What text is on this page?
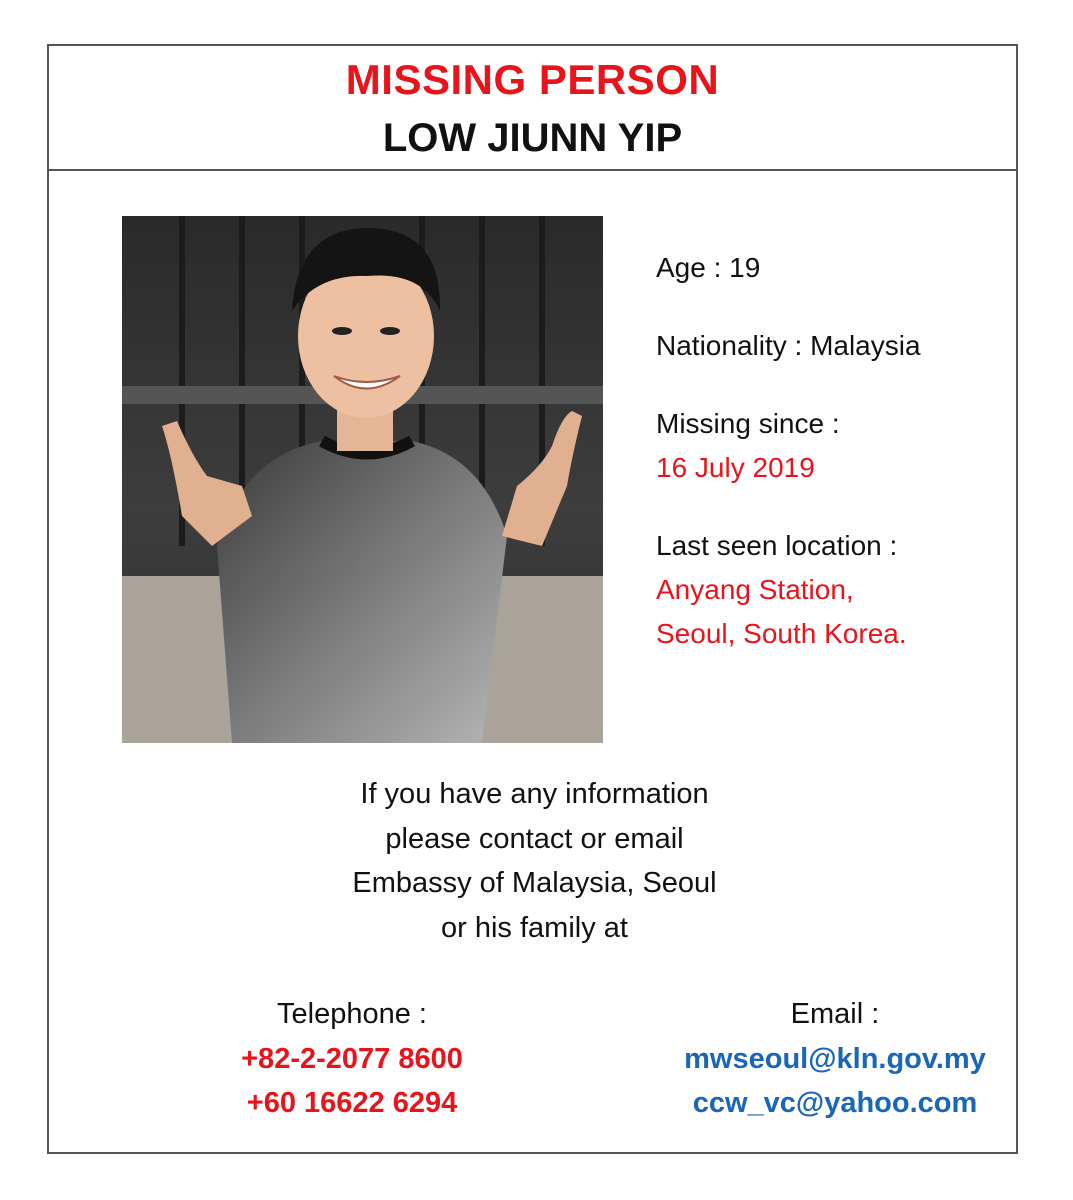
MISSING PERSON
LOW JIUNN YIP
Age : 19
Nationality : Malaysia
Missing since :
16 July 2019
Last seen location :
Anyang Station,
Seoul, South Korea.
If you have any information
please contact or email
Embassy of Malaysia, Seoul
or his family at
Telephone :
+82-2-2077 8600
+60 16622 6294
Email :
mwseoul@kln.gov.my
ccw_vc@yahoo.com
